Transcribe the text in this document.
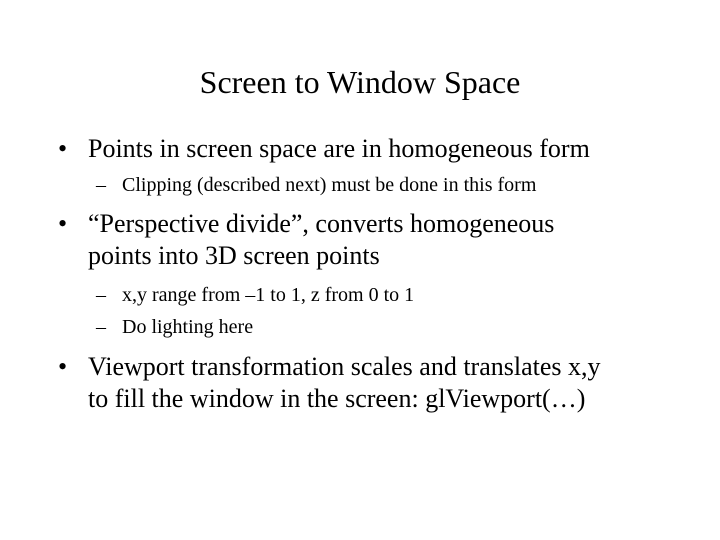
Screen to Window Space
• Points in screen space are in homogeneous form
– Clipping (described next) must be done in this form
• “Perspective divide”, converts homogeneous
points into 3D screen points
– x,y range from –1 to 1, z from 0 to 1
– Do lighting here
• Viewport transformation scales and translates x,y
to fill the window in the screen: glViewport(…)
